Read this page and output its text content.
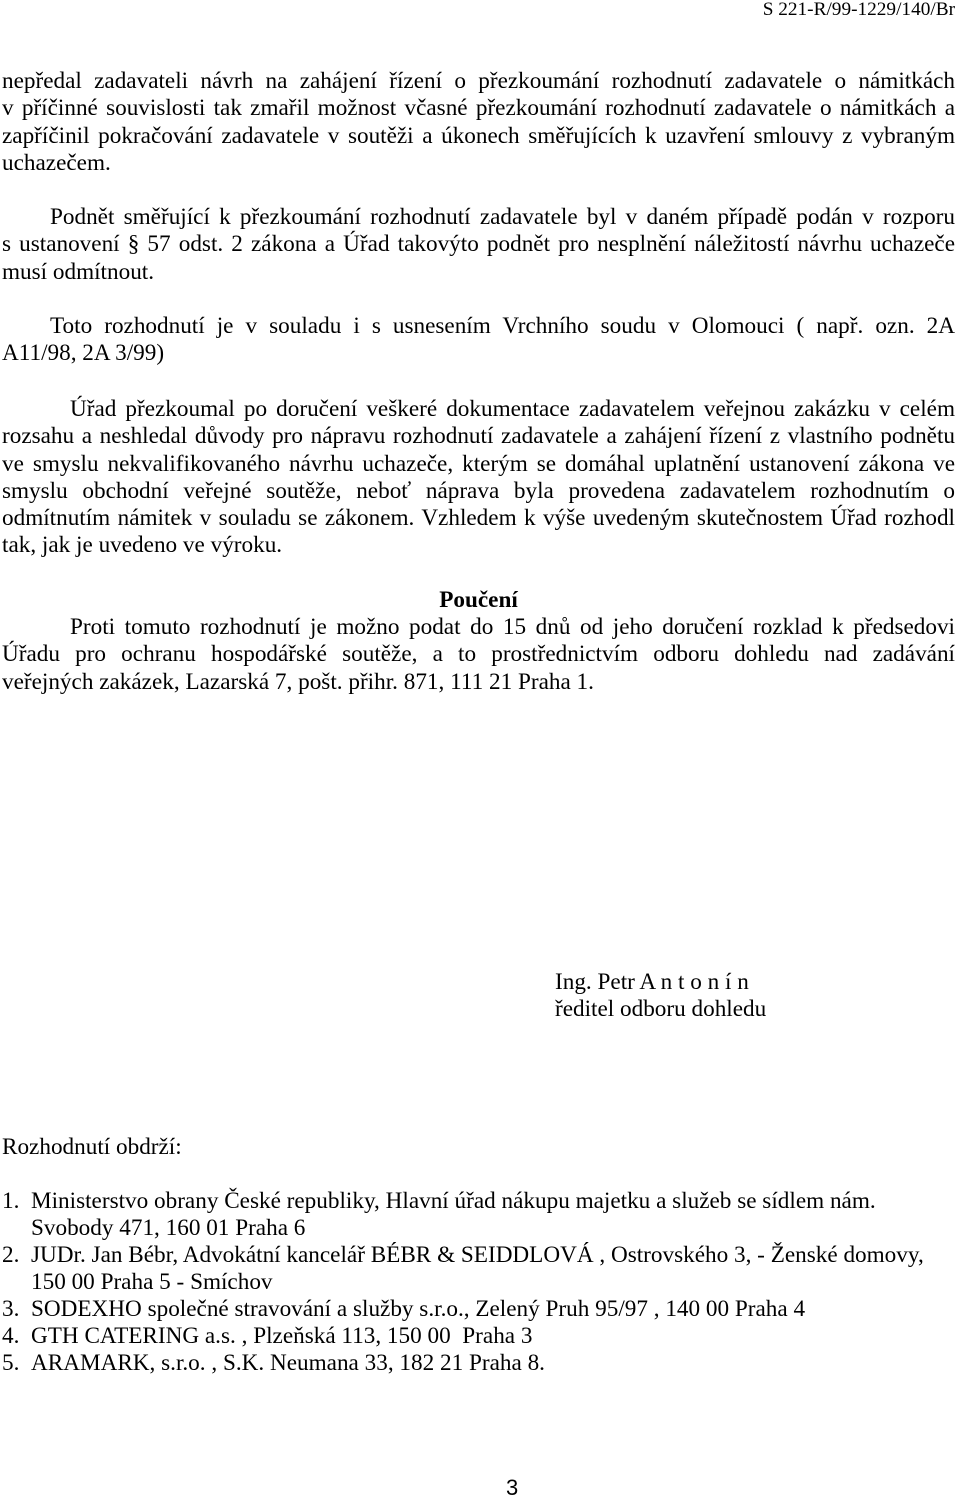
S 221-R/99-1229/140/Br
nepředal zadavateli návrh na zahájení řízení o přezkoumání rozhodnutí zadavatele o námitkách
v příčinné souvislosti tak zmařil možnost včasné přezkoumání rozhodnutí zadavatele o námitkách a
zapříčinil pokračování zadavatele v soutěži a úkonech směřujících k uzavření smlouvy z vybraným
uchazečem.
Podnět směřující k přezkoumání rozhodnutí zadavatele byl v daném případě podán v rozporu
s ustanovení § 57 odst. 2 zákona a Úřad takovýto podnět pro nesplnění náležitostí návrhu uchazeče
musí odmítnout.
Toto rozhodnutí je v souladu i s usnesením Vrchního soudu v Olomouci ( např. ozn. 2A
A11/98, 2A 3/99)
Úřad přezkoumal po doručení veškeré dokumentace zadavatelem veřejnou zakázku v celém
rozsahu a neshledal důvody pro nápravu rozhodnutí zadavatele a zahájení řízení z vlastního podnětu
ve smyslu nekvalifikovaného návrhu uchazeče, kterým se domáhal uplatnění ustanovení zákona ve
smyslu obchodní veřejné soutěže, neboť náprava byla provedena zadavatelem rozhodnutím o
odmítnutím námitek v souladu se zákonem. Vzhledem k výše uvedeným skutečnostem Úřad rozhodl
tak, jak je uvedeno ve výroku.
Poučení
Proti tomuto rozhodnutí je možno podat do 15 dnů od jeho doručení rozklad k předsedovi
Úřadu pro ochranu hospodářské soutěže, a to prostřednictvím odboru dohledu nad zadávání
veřejných zakázek, Lazarská 7, pošt. přihr. 871, 111 21 Praha 1.
Ing. Petr A n t o n í n
ředitel odboru dohledu
Rozhodnutí obdrží:
1. Ministerstvo obrany České republiky, Hlavní úřad nákupu majetku a služeb se sídlem nám.
Svobody 471, 160 01 Praha 6
2. JUDr. Jan Bébr, Advokátní kancelář BÉBR & SEIDDLOVÁ , Ostrovského 3, - Ženské domovy,
150 00 Praha 5 - Smíchov
3. SODEXHO společné stravování a služby s.r.o., Zelený Pruh 95/97 , 140 00 Praha 4
4. GTH CATERING a.s. , Plzeňská 113, 150 00  Praha 3
5. ARAMARK, s.r.o. , S.K. Neumana 33, 182 21 Praha 8.
3
